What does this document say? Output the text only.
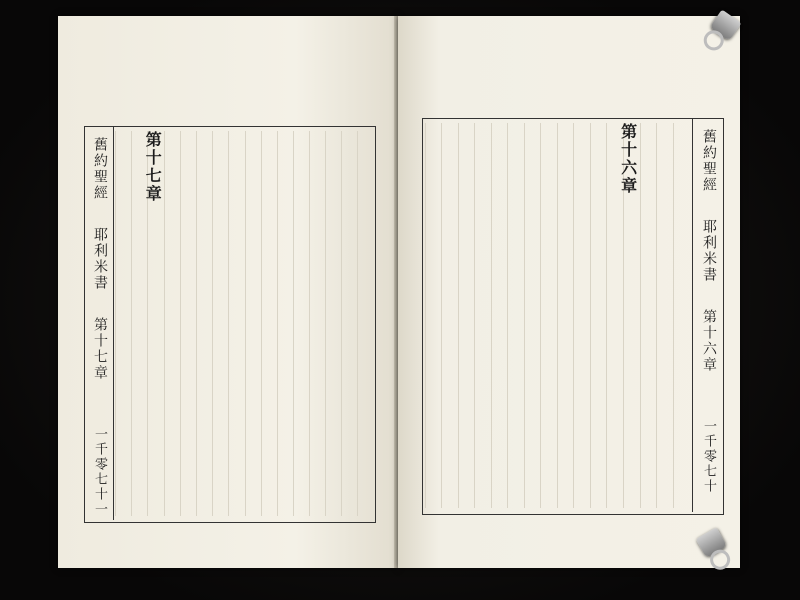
舊約聖經
耶利米書
第十七章
一千零七十一
第十七章	第十六章	舊約聖經
耶利米書
第十六章
一千零七十
